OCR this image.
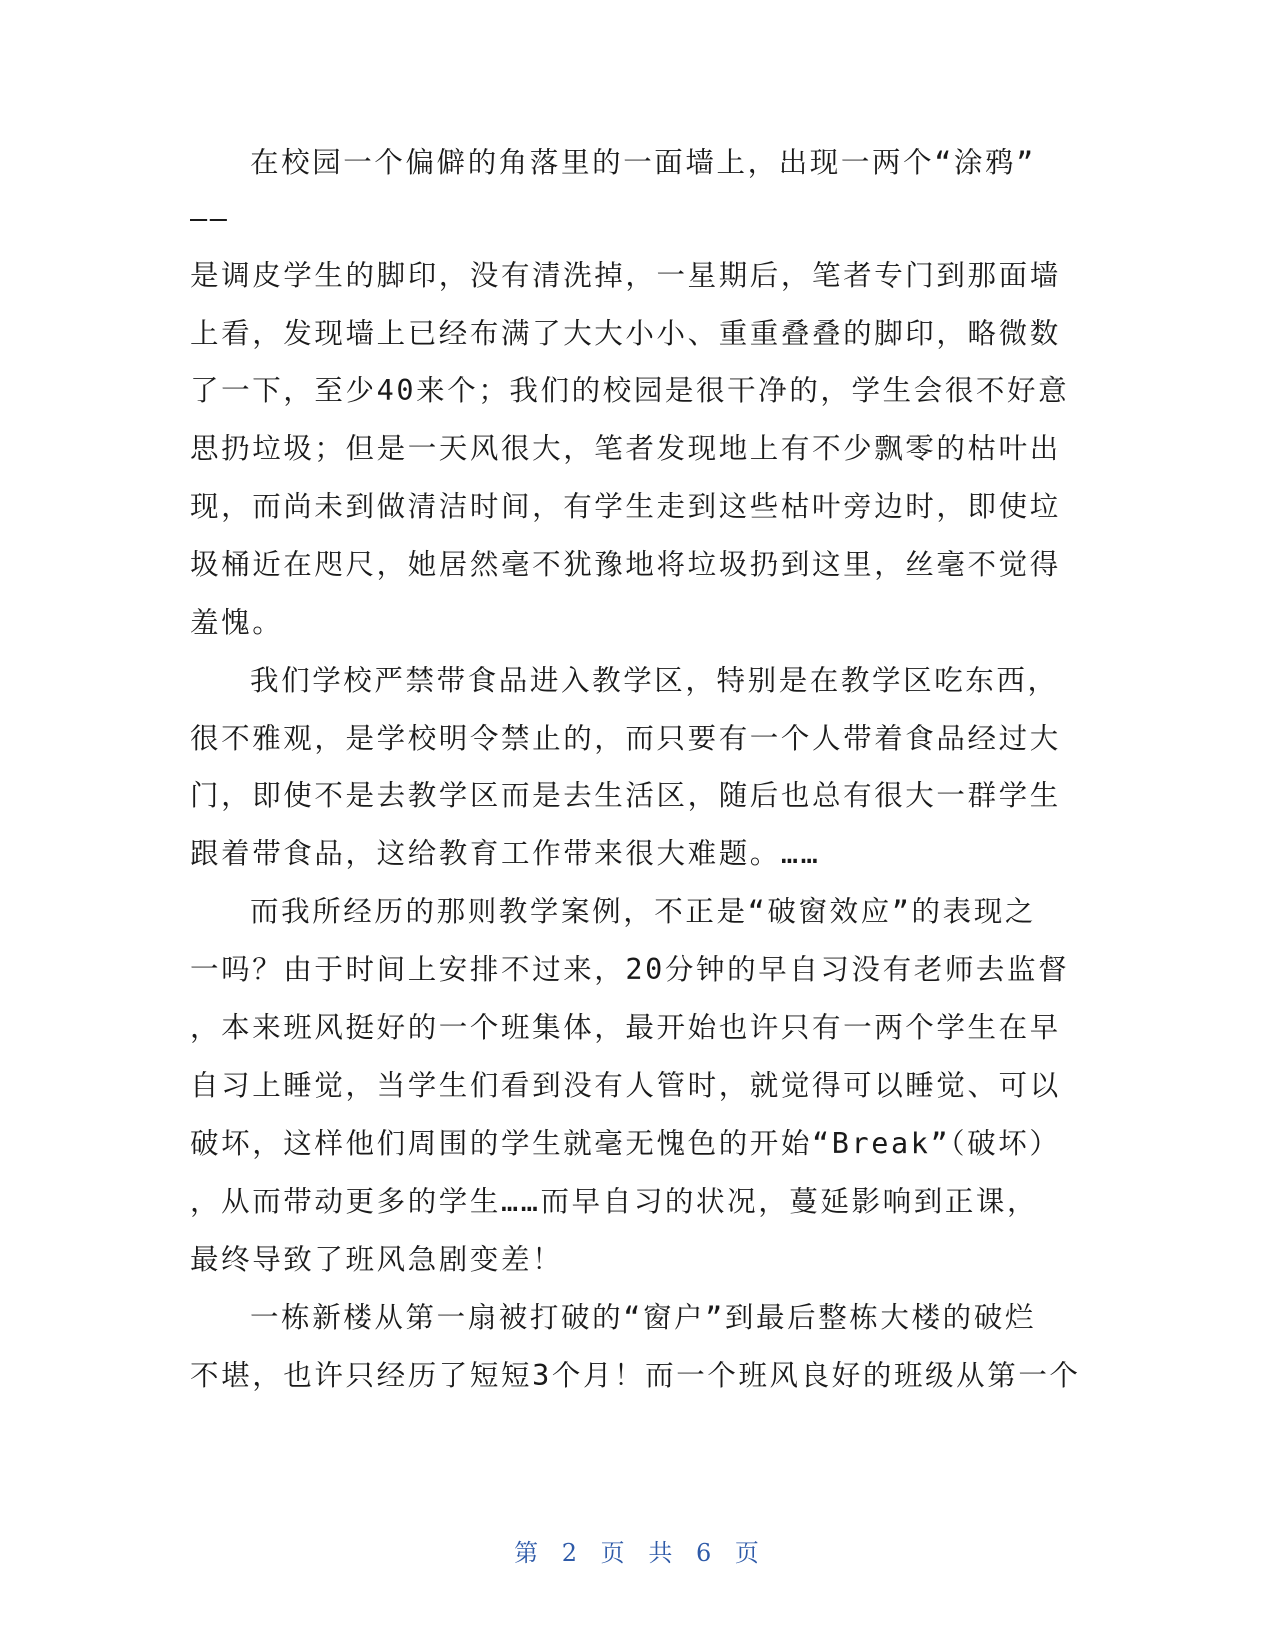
在校园一个偏僻的角落里的一面墙上，出现一两个“涂鸦”
——
是调皮学生的脚印，没有清洗掉，一星期后，笔者专门到那面墙
上看，发现墙上已经布满了大大小小、重重叠叠的脚印，略微数
了一下，至少40来个；我们的校园是很干净的，学生会很不好意
思扔垃圾；但是一天风很大，笔者发现地上有不少飘零的枯叶出
现，而尚未到做清洁时间，有学生走到这些枯叶旁边时，即使垃
圾桶近在咫尺，她居然毫不犹豫地将垃圾扔到这里，丝毫不觉得
羞愧。
我们学校严禁带食品进入教学区，特别是在教学区吃东西，
很不雅观，是学校明令禁止的，而只要有一个人带着食品经过大
门，即使不是去教学区而是去生活区，随后也总有很大一群学生
跟着带食品，这给教育工作带来很大难题。……
而我所经历的那则教学案例，不正是“破窗效应”的表现之
一吗？由于时间上安排不过来，20分钟的早自习没有老师去监督
，本来班风挺好的一个班集体，最开始也许只有一两个学生在早
自习上睡觉，当学生们看到没有人管时，就觉得可以睡觉、可以
破坏，这样他们周围的学生就毫无愧色的开始“Break”（破坏）
，从而带动更多的学生……而早自习的状况，蔓延影响到正课，
最终导致了班风急剧变差！
一栋新楼从第一扇被打破的“窗户”到最后整栋大楼的破烂
不堪，也许只经历了短短3个月！而一个班风良好的班级从第一个
第 2 页 共 6 页
